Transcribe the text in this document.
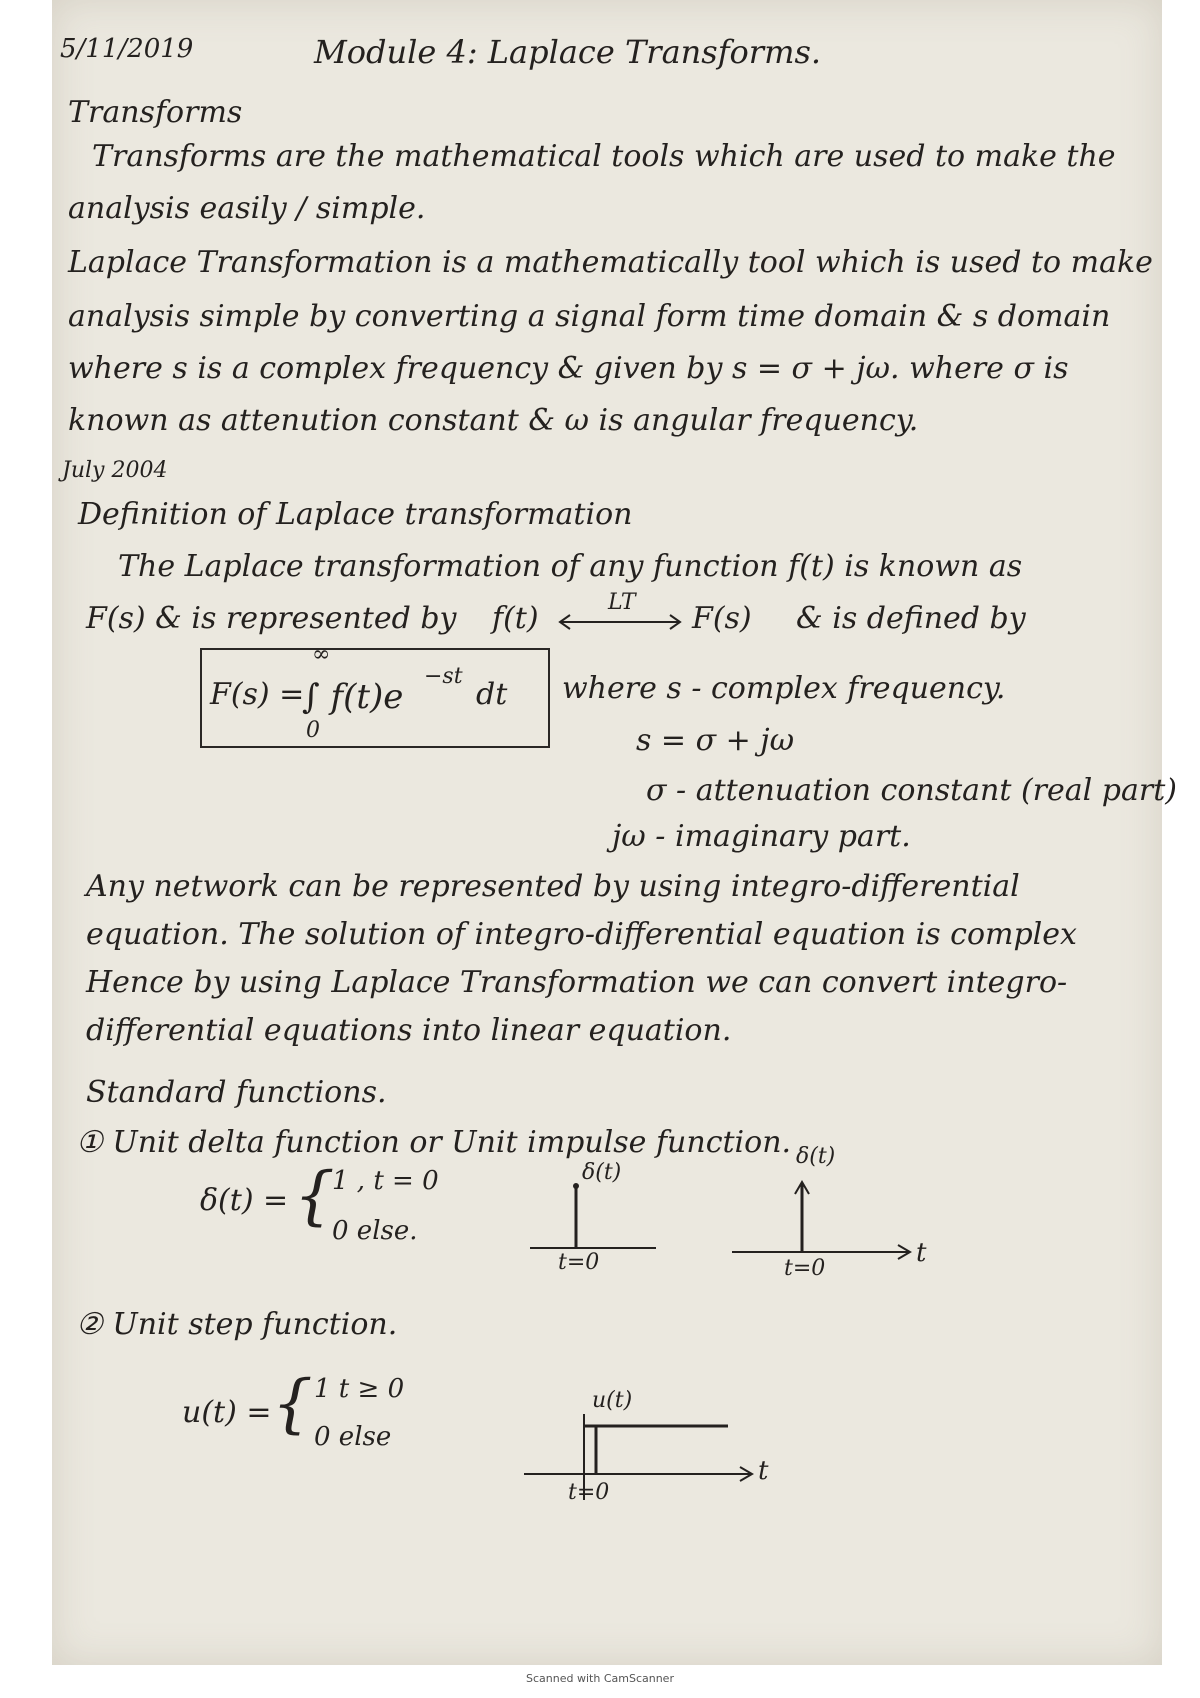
5/11/2019	Module 4: Laplace Transforms.
Transforms
Transforms are the mathematical tools which are used to make the
analysis easily / simple.
Laplace Transformation is a mathematically tool which is used to make
analysis simple by converting a signal form time domain & s domain
where s is a complex frequency & given by s = σ + jω. where σ is
known as attenution constant & ω is angular frequency.
July 2004
Definition of Laplace transformation
The Laplace transformation of any function f(t) is known as
F(s) & is represented by f(t)	LT F(s) & is defined by
F(s) =
∞
0
∫ f(t)e
−st
dt where s - complex frequency.
s = σ + jω
σ - attenuation constant (real part)
jω - imaginary part.
Any network can be represented by using integro-differential
equation. The solution of integro-differential equation is complex
Hence by using Laplace Transformation we can convert integro-
differential equations into linear equation.
Standard functions.
① Unit delta function or Unit impulse function.
δ(t) = {
1 , t = 0
0 else.
δ(t)
t=0
δ(t)
t=0
t
② Unit step function.
u(t) = { 1 t ≥ 0
0 else
u(t)
t=0
t
Scanned with CamScanner
